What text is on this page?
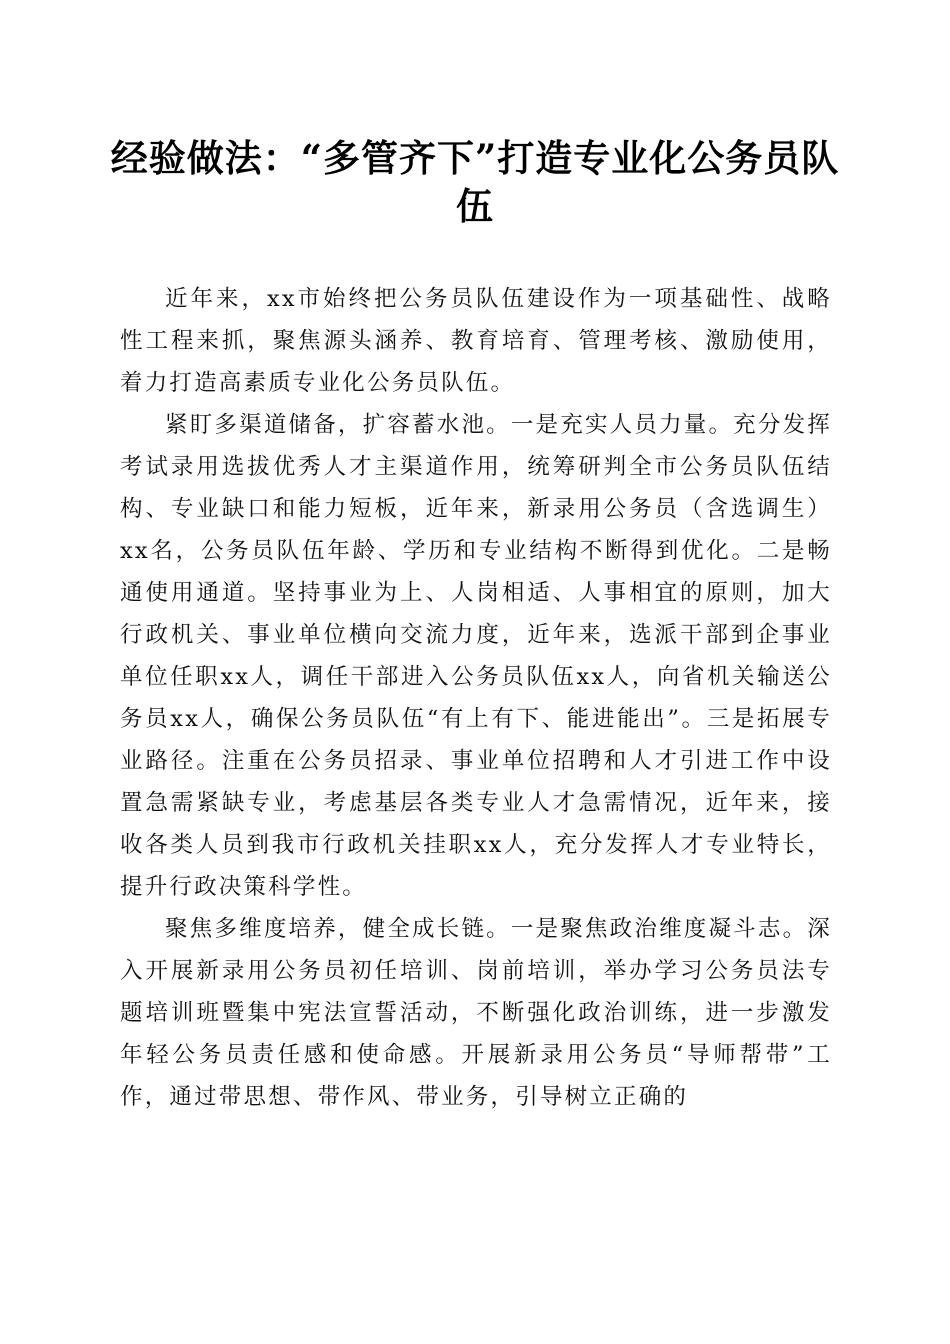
经验做法：“多管齐下”打造专业化公务员队伍

近年来，xx市始终把公务员队伍建设作为一项基础性、战略性工程来抓，聚焦源头涵养、教育培育、管理考核、激励使用，着力打造高素质专业化公务员队伍。

紧盯多渠道储备，扩容蓄水池。一是充实人员力量。充分发挥考试录用选拔优秀人才主渠道作用，统筹研判全市公务员队伍结构、专业缺口和能力短板，近年来，新录用公务员（含选调生）xx名，公务员队伍年龄、学历和专业结构不断得到优化。二是畅通使用通道。坚持事业为上、人岗相适、人事相宜的原则，加大行政机关、事业单位横向交流力度，近年来，选派干部到企事业单位任职xx人，调任干部进入公务员队伍xx人，向省机关输送公务员xx人，确保公务员队伍“有上有下、能进能出”。三是拓展专业路径。注重在公务员招录、事业单位招聘和人才引进工作中设置急需紧缺专业，考虑基层各类专业人才急需情况，近年来，接收各类人员到我市行政机关挂职xx人，充分发挥人才专业特长，提升行政决策科学性。

聚焦多维度培养，健全成长链。一是聚焦政治维度凝斗志。深入开展新录用公务员初任培训、岗前培训，举办学习公务员法专题培训班暨集中宪法宣誓活动，不断强化政治训练，进一步激发年轻公务员责任感和使命感。开展新录用公务员“导师帮带”工作，通过带思想、带作风、带业务，引导树立正确的
